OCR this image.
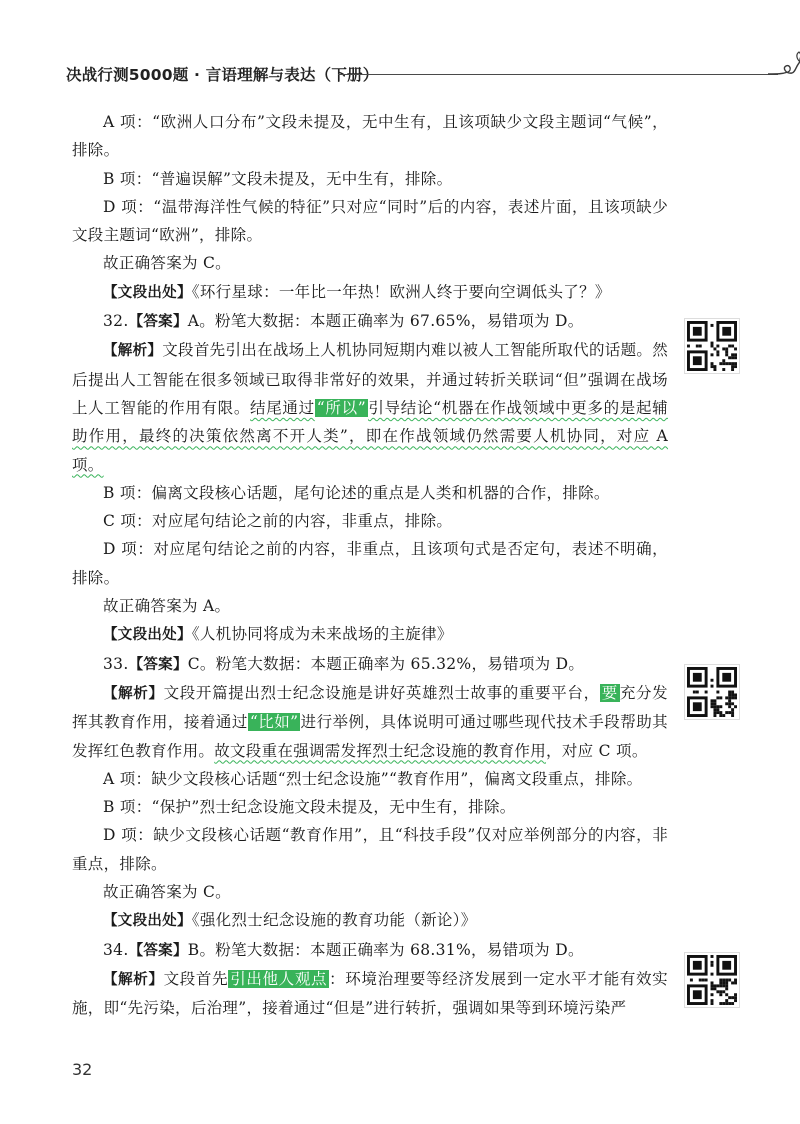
决战行测5000题 · 言语理解与表达（下册）

A 项：“欧洲人口分布”文段未提及，无中生有，且该项缺少文段主题词“气候”，排除。

B 项：“普遍误解”文段未提及，无中生有，排除。

D 项：“温带海洋性气候的特征”只对应“同时”后的内容，表述片面，且该项缺少文段主题词“欧洲”，排除。

故正确答案为 C。

【文段出处】《环行星球：一年比一年热！欧洲人终于要向空调低头了？》

32.【答案】A。粉笔大数据：本题正确率为 67.65%，易错项为 D。

【解析】文段首先引出在战场上人机协同短期内难以被人工智能所取代的话题。然后提出人工智能在很多领域已取得非常好的效果，并通过转折关联词“但”强调在战场上人工智能的作用有限。结尾通过 “所以” 引导结论“机器在作战领域中更多的是起辅助作用，最终的决策依然离不开人类”，即在作战领域仍然需要人机协同，对应 A 项。

B 项：偏离文段核心话题，尾句论述的重点是人类和机器的合作，排除。

C 项：对应尾句结论之前的内容，非重点，排除。

D 项：对应尾句结论之前的内容，非重点，且该项句式是否定句，表述不明确，排除。

故正确答案为 A。

【文段出处】《人机协同将成为未来战场的主旋律》

33.【答案】C。粉笔大数据：本题正确率为 65.32%，易错项为 D。

【解析】文段开篇提出烈士纪念设施是讲好英雄烈士故事的重要平台， 要 充分发挥其教育作用，接着通过 “比如” 进行举例，具体说明可通过哪些现代技术手段帮助其发挥红色教育作用。故文段重在强调需发挥烈士纪念设施的教育作用，对应 C 项。

A 项：缺少文段核心话题“烈士纪念设施”“教育作用”，偏离文段重点，排除。

B 项：“保护”烈士纪念设施文段未提及，无中生有，排除。

D 项：缺少文段核心话题“教育作用”，且“科技手段”仅对应举例部分的内容，非重点，排除。

故正确答案为 C。

【文段出处】《强化烈士纪念设施的教育功能（新论）》

34.【答案】B。粉笔大数据：本题正确率为 68.31%，易错项为 D。

【解析】文段首先 引出他人观点 ：环境治理要等经济发展到一定水平才能有效实施，即“先污染，后治理”，接着通过“但是”进行转折，强调如果等到环境污染严

32
